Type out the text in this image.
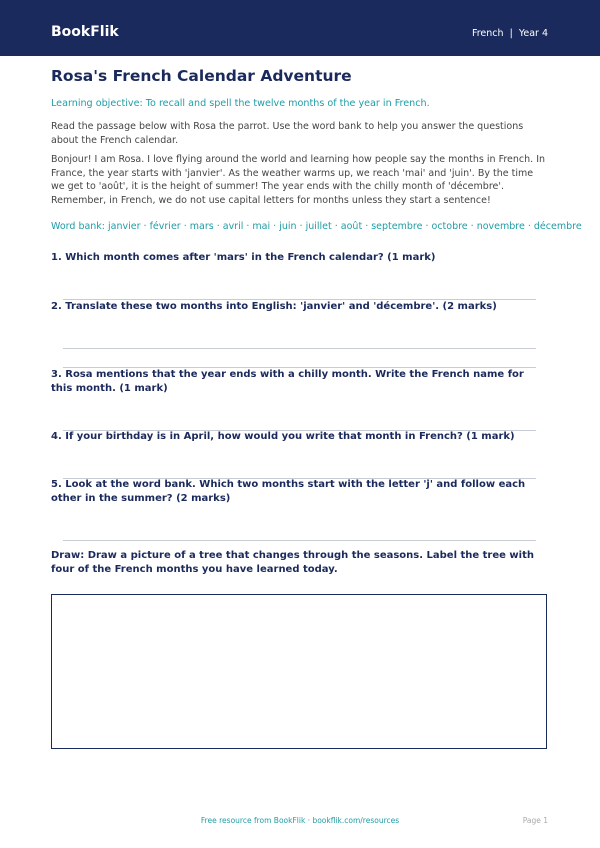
BookFlik	French  |  Year 4
Rosa's French Calendar Adventure
Learning objective: To recall and spell the twelve months of the year in French.
Read the passage below with Rosa the parrot. Use the word bank to help you answer the questions about the French calendar.
Bonjour! I am Rosa. I love flying around the world and learning how people say the months in French. In France, the year starts with 'janvier'. As the weather warms up, we reach 'mai' and 'juin'. By the time we get to 'août', it is the height of summer! The year ends with the chilly month of 'décembre'. Remember, in French, we do not use capital letters for months unless they start a sentence!
Word bank: janvier · février · mars · avril · mai · juin · juillet · août · septembre · octobre · novembre · décembre
1. Which month comes after 'mars' in the French calendar? (1 mark)
2. Translate these two months into English: 'janvier' and 'décembre'. (2 marks)
3. Rosa mentions that the year ends with a chilly month. Write the French name for this month. (1 mark)
4. If your birthday is in April, how would you write that month in French? (1 mark)
5. Look at the word bank. Which two months start with the letter 'j' and follow each other in the summer? (2 marks)
Draw: Draw a picture of a tree that changes through the seasons. Label the tree with four of the French months you have learned today.
Free resource from BookFlik · bookflik.com/resources	Page 1
